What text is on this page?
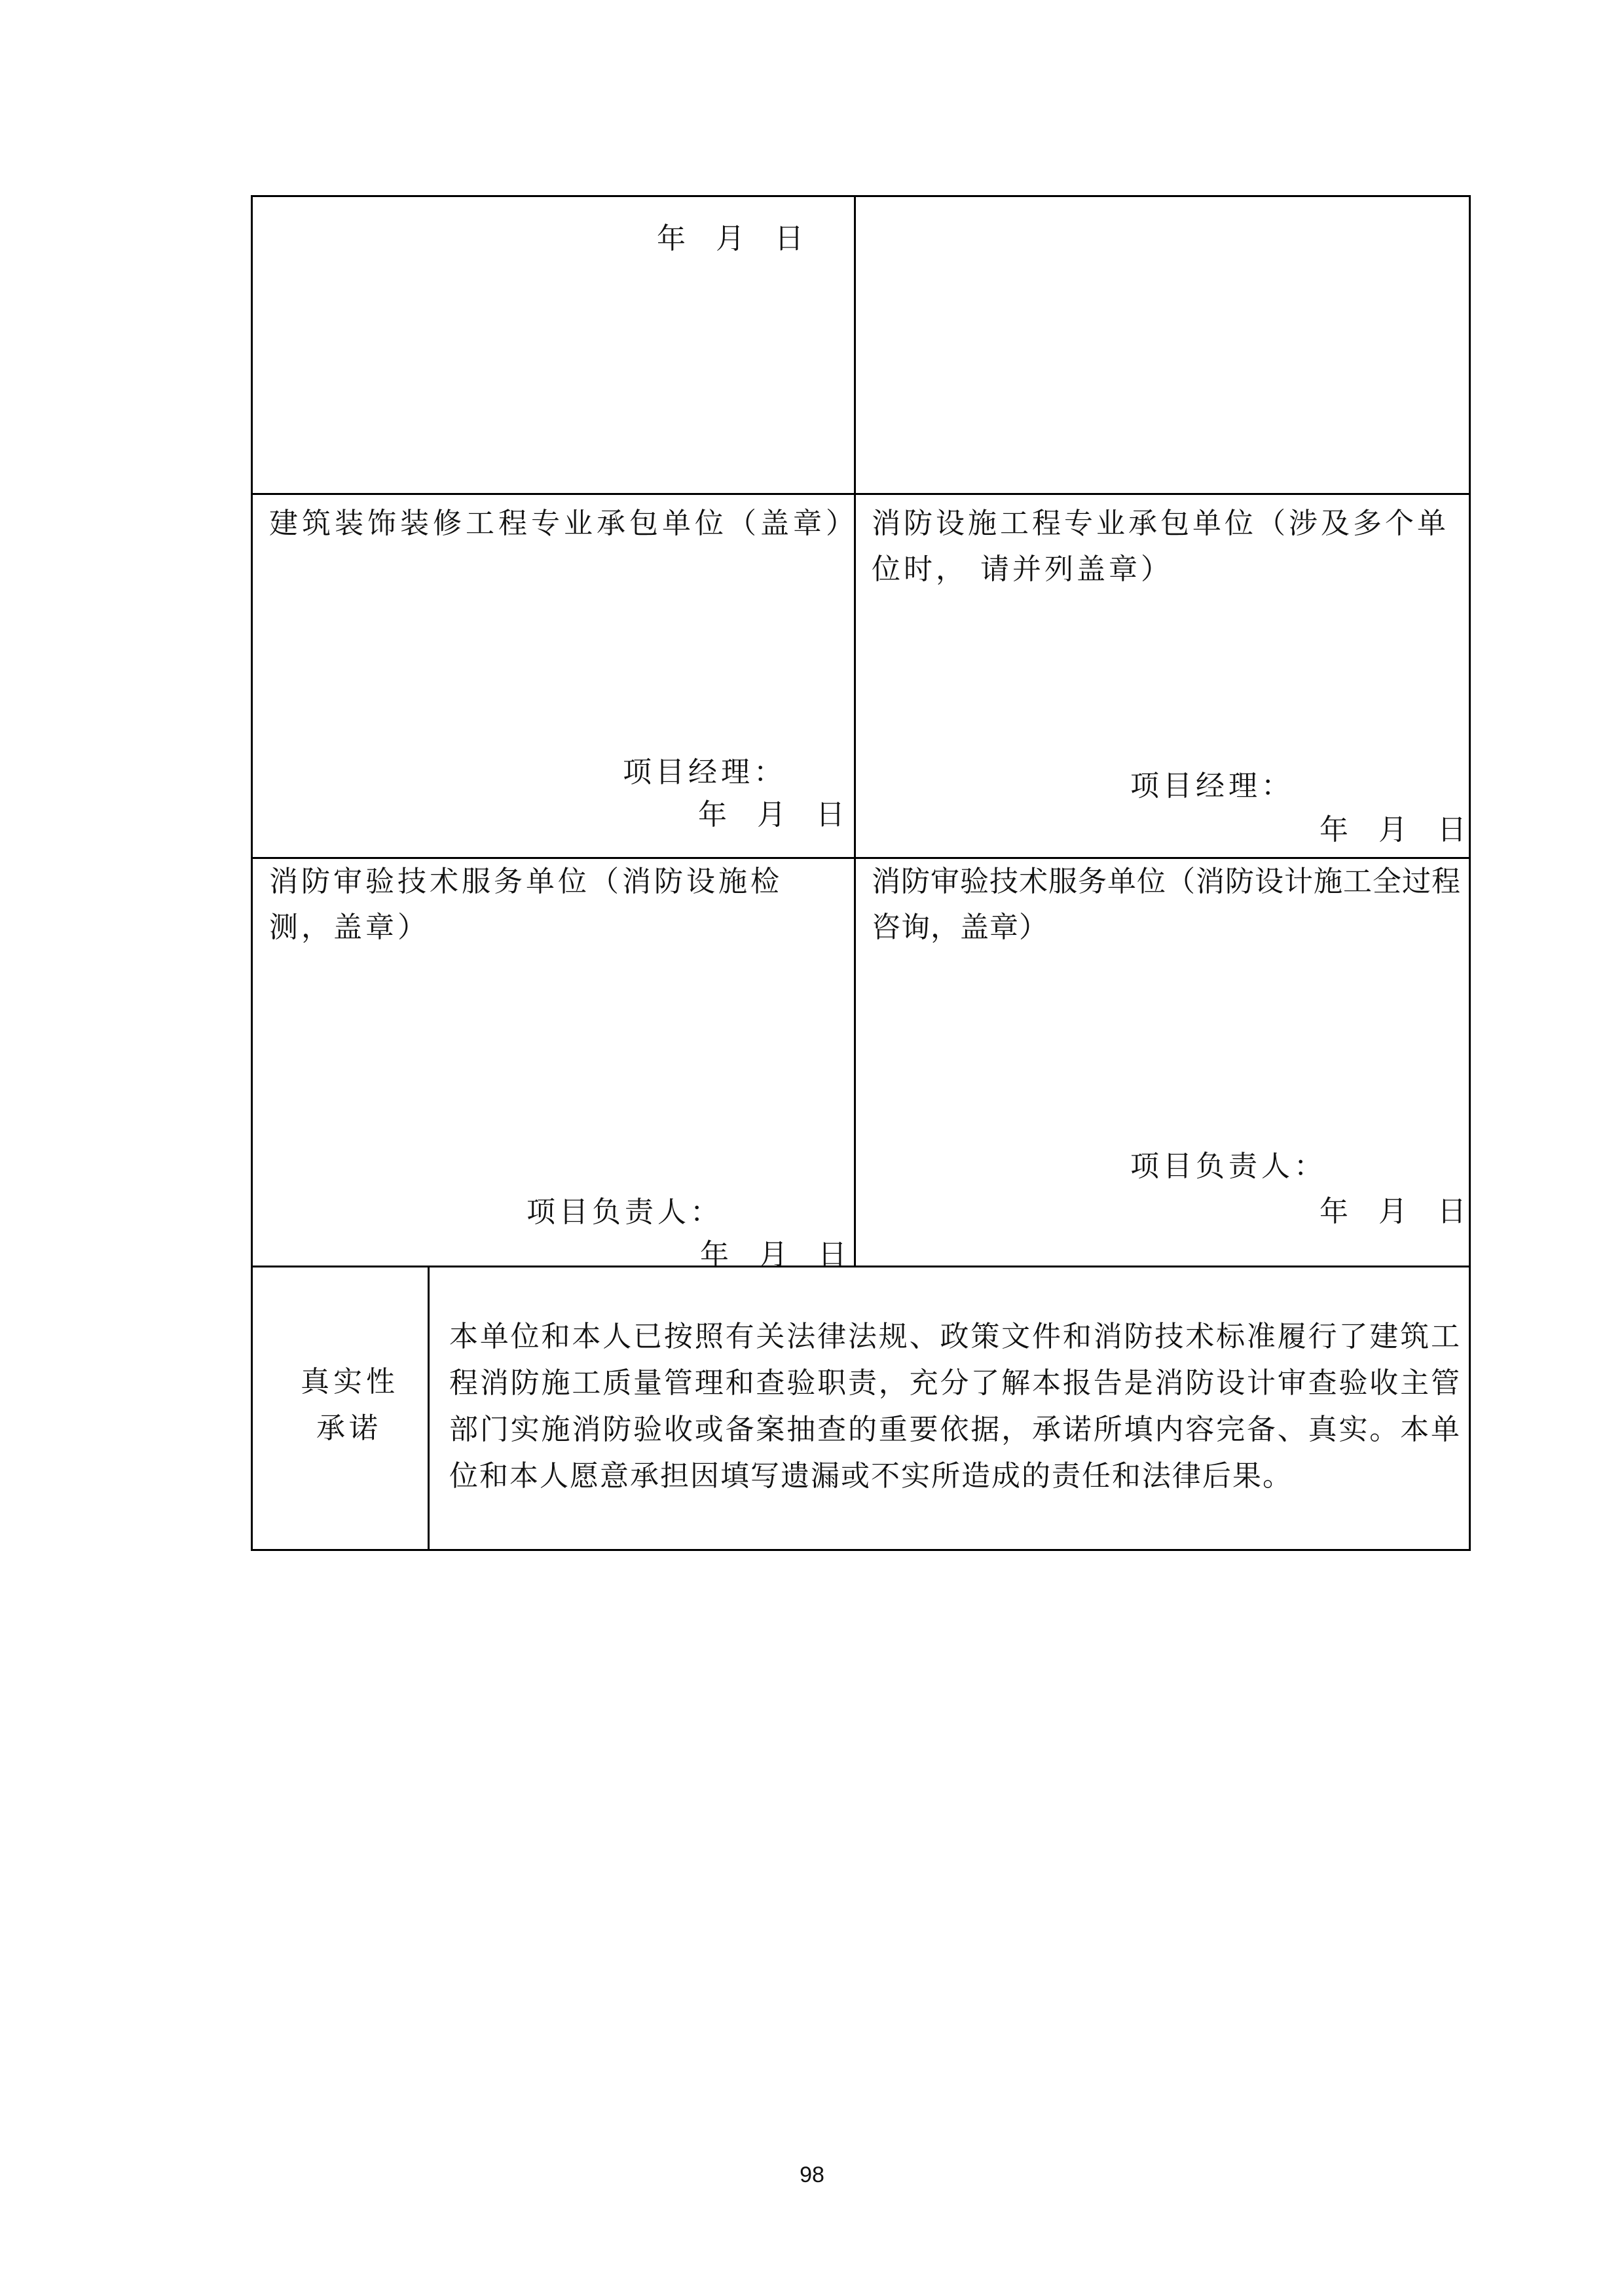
年 月 日
建筑装饰装修工程专业承包单位（盖章）
项目经理：
年 月 日
消防设施工程专业承包单位（涉及多个单位时， 请并列盖章）
项目经理：
年 月 日
消防审验技术服务单位（消防设施检测，盖章）
项目负责人：
年 月 日
消防审验技术服务单位（消防设计施工全过程咨询，盖章）
项目负责人：
年 月 日
真实性
承诺
本单位和本人已按照有关法律法规、政策文件和消防技术标准履行了建筑工程消防施工质量管理和查验职责，充分了解本报告是消防设计审查验收主管部门实施消防验收或备案抽查的重要依据，承诺所填内容完备、真实。本单位和本人愿意承担因填写遗漏或不实所造成的责任和法律后果。
98
